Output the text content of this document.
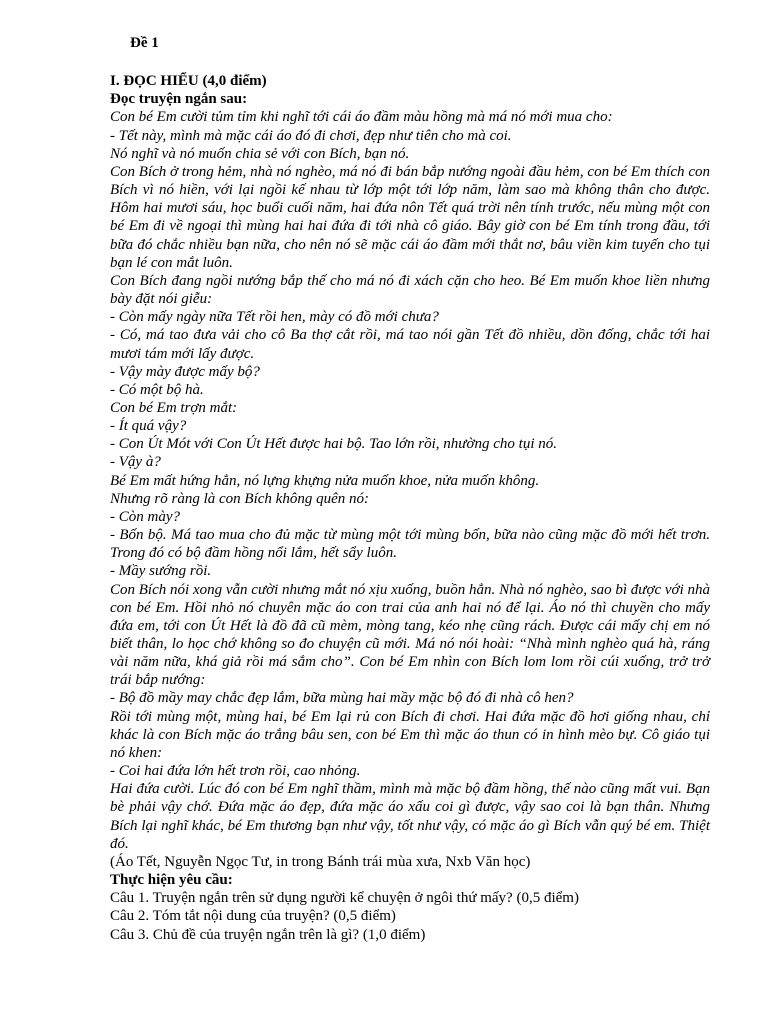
Đề 1
I. ĐỌC HIỂU (4,0 điểm)
Đọc truyện ngắn sau:

Con bé Em cười tủm tỉm khi nghĩ tới cái áo đầm màu hồng mà má nó mới mua cho:

- Tết này, mình mà mặc cái áo đó đi chơi, đẹp như tiên cho mà coi.

Nó nghĩ và nó muốn chia sẻ với con Bích, bạn nó.

Con Bích ở trong hẻm, nhà nó nghèo, má nó đi bán bắp nướng ngoài đầu hẻm, con bé Em thích con Bích vì nó hiền, với lại ngồi kế nhau từ lớp một tới lớp năm, làm sao mà không thân cho được. Hôm hai mươi sáu, học buổi cuối năm, hai đứa nôn Tết quá trời nên tính trước, nếu mùng một con bé Em đi về ngoại thì mùng hai hai đứa đi tới nhà cô giáo. Bây giờ con bé Em tính trong đầu, tới bữa đó chắc nhiều bạn nữa, cho nên nó sẽ mặc cái áo đầm mới thắt nơ, bâu viền kim tuyến cho tụi bạn lé con mắt luôn.

Con Bích đang ngồi nướng bắp thế cho má nó đi xách cặn cho heo. Bé Em muốn khoe liền nhưng bày đặt nói giễu:

- Còn mấy ngày nữa Tết rồi hen, mày có đồ mới chưa?

- Có, má tao đưa vải cho cô Ba thợ cắt rồi, má tao nói gần Tết đồ nhiều, dồn đống, chắc tới hai mươi tám mới lấy được.

- Vậy mày được mấy bộ?

- Có một bộ hà.

Con bé Em trợn mắt:

- Ít quá vậy?

- Con Út Mót với Con Út Hết được hai bộ. Tao lớn rồi, nhường cho tụi nó.

- Vậy à?

Bé Em mất hứng hẳn, nó lựng khựng nửa muốn khoe, nửa muốn không.

Nhưng rõ ràng là con Bích không quên nó:

- Còn mày?

- Bốn bộ. Má tao mua cho đủ mặc từ mùng một tới mùng bốn, bữa nào cũng mặc đồ mới hết trơn. Trong đó có bộ đầm hồng nổi lắm, hết sẩy luôn.

- Mầy sướng rồi.

Con Bích nói xong vẫn cười nhưng mắt nó xịu xuống, buồn hẳn. Nhà nó nghèo, sao bì được với nhà con bé Em. Hồi nhỏ nó chuyên mặc áo con trai của anh hai nó để lại. Áo nó thì chuyền cho mấy đứa em, tới con Út Hết là đồ đã cũ mèm, mòng tang, kéo nhẹ cũng rách. Được cái mấy chị em nó biết thân, lo học chớ không so đo chuyện cũ mới. Má nó nói hoài: “Nhà mình nghèo quá hà, ráng vài năm nữa, khá giả rồi má sắm cho”. Con bé Em nhìn con Bích lom lom rồi cúi xuống, trở trở trái bắp nướng:

- Bộ đồ mầy may chắc đẹp lắm, bữa mùng hai mầy mặc bộ đó đi nhà cô hen?

Rồi tới mùng một, mùng hai, bé Em lại rủ con Bích đi chơi. Hai đứa mặc đồ hơi giống nhau, chỉ khác là con Bích mặc áo trắng bâu sen, con bé Em thì mặc áo thun có in hình mèo bự. Cô giáo tụi nó khen:

- Coi hai đứa lớn hết trơn rồi, cao nhỏng.

Hai đứa cười. Lúc đó con bé Em nghĩ thầm, mình mà mặc bộ đầm hồng, thế nào cũng mất vui. Bạn bè phải vậy chớ. Đứa mặc áo đẹp, đứa mặc áo xấu coi gì được, vậy sao coi là bạn thân. Nhưng Bích lại nghĩ khác, bé Em thương bạn như vậy, tốt như vậy, có mặc áo gì Bích vẫn quý bé em. Thiệt đó.

(Áo Tết, Nguyễn Ngọc Tư, in trong Bánh trái mùa xưa, Nxb Văn học)
Thực hiện yêu cầu:
Câu 1. Truyện ngắn trên sử dụng người kể chuyện ở ngôi thứ mấy? (0,5 điểm)
Câu 2. Tóm tắt nội dung của truyện? (0,5 điểm)
Câu 3. Chủ đề của truyện ngắn trên là gì? (1,0 điểm)
